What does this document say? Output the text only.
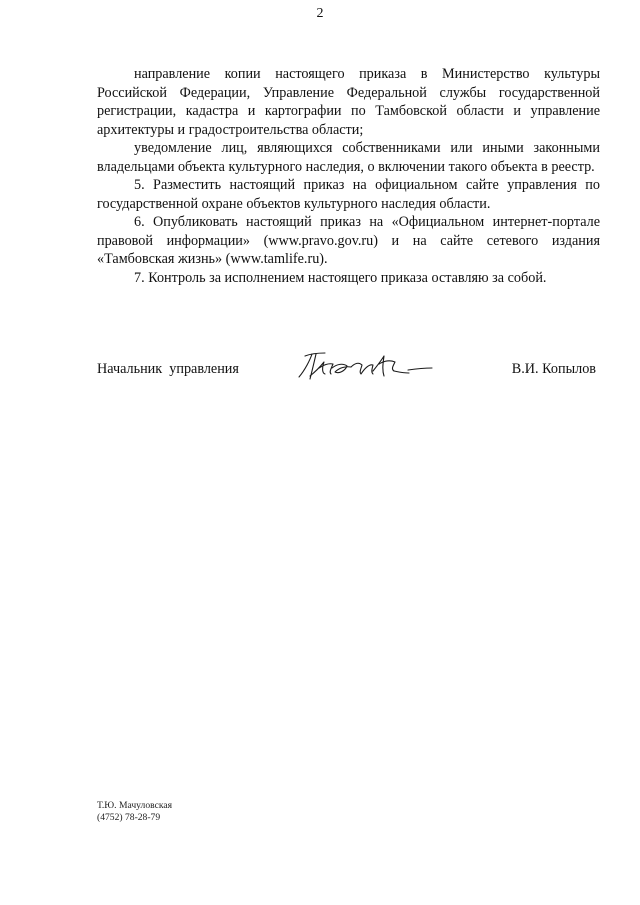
2

направление копии настоящего приказа в Министерство культуры Российской Федерации, Управление Федеральной службы государственной регистрации, кадастра и картографии по Тамбовской области и управление архитектуры и градостроительства области;

уведомление лиц, являющихся собственниками или иными законными владельцами объекта культурного наследия, о включении такого объекта в реестр.

5. Разместить настоящий приказ на официальном сайте управления по государственной охране объектов культурного наследия области.

6. Опубликовать настоящий приказ на «Официальном интернет-портале правовой информации» (www.pravo.gov.ru) и на сайте сетевого издания «Тамбовская жизнь» (www.tamlife.ru).

7. Контроль за исполнением настоящего приказа оставляю за собой.

Начальник  управления	В.И. Копылов
Т.Ю. Мачуловская
(4752) 78-28-79
